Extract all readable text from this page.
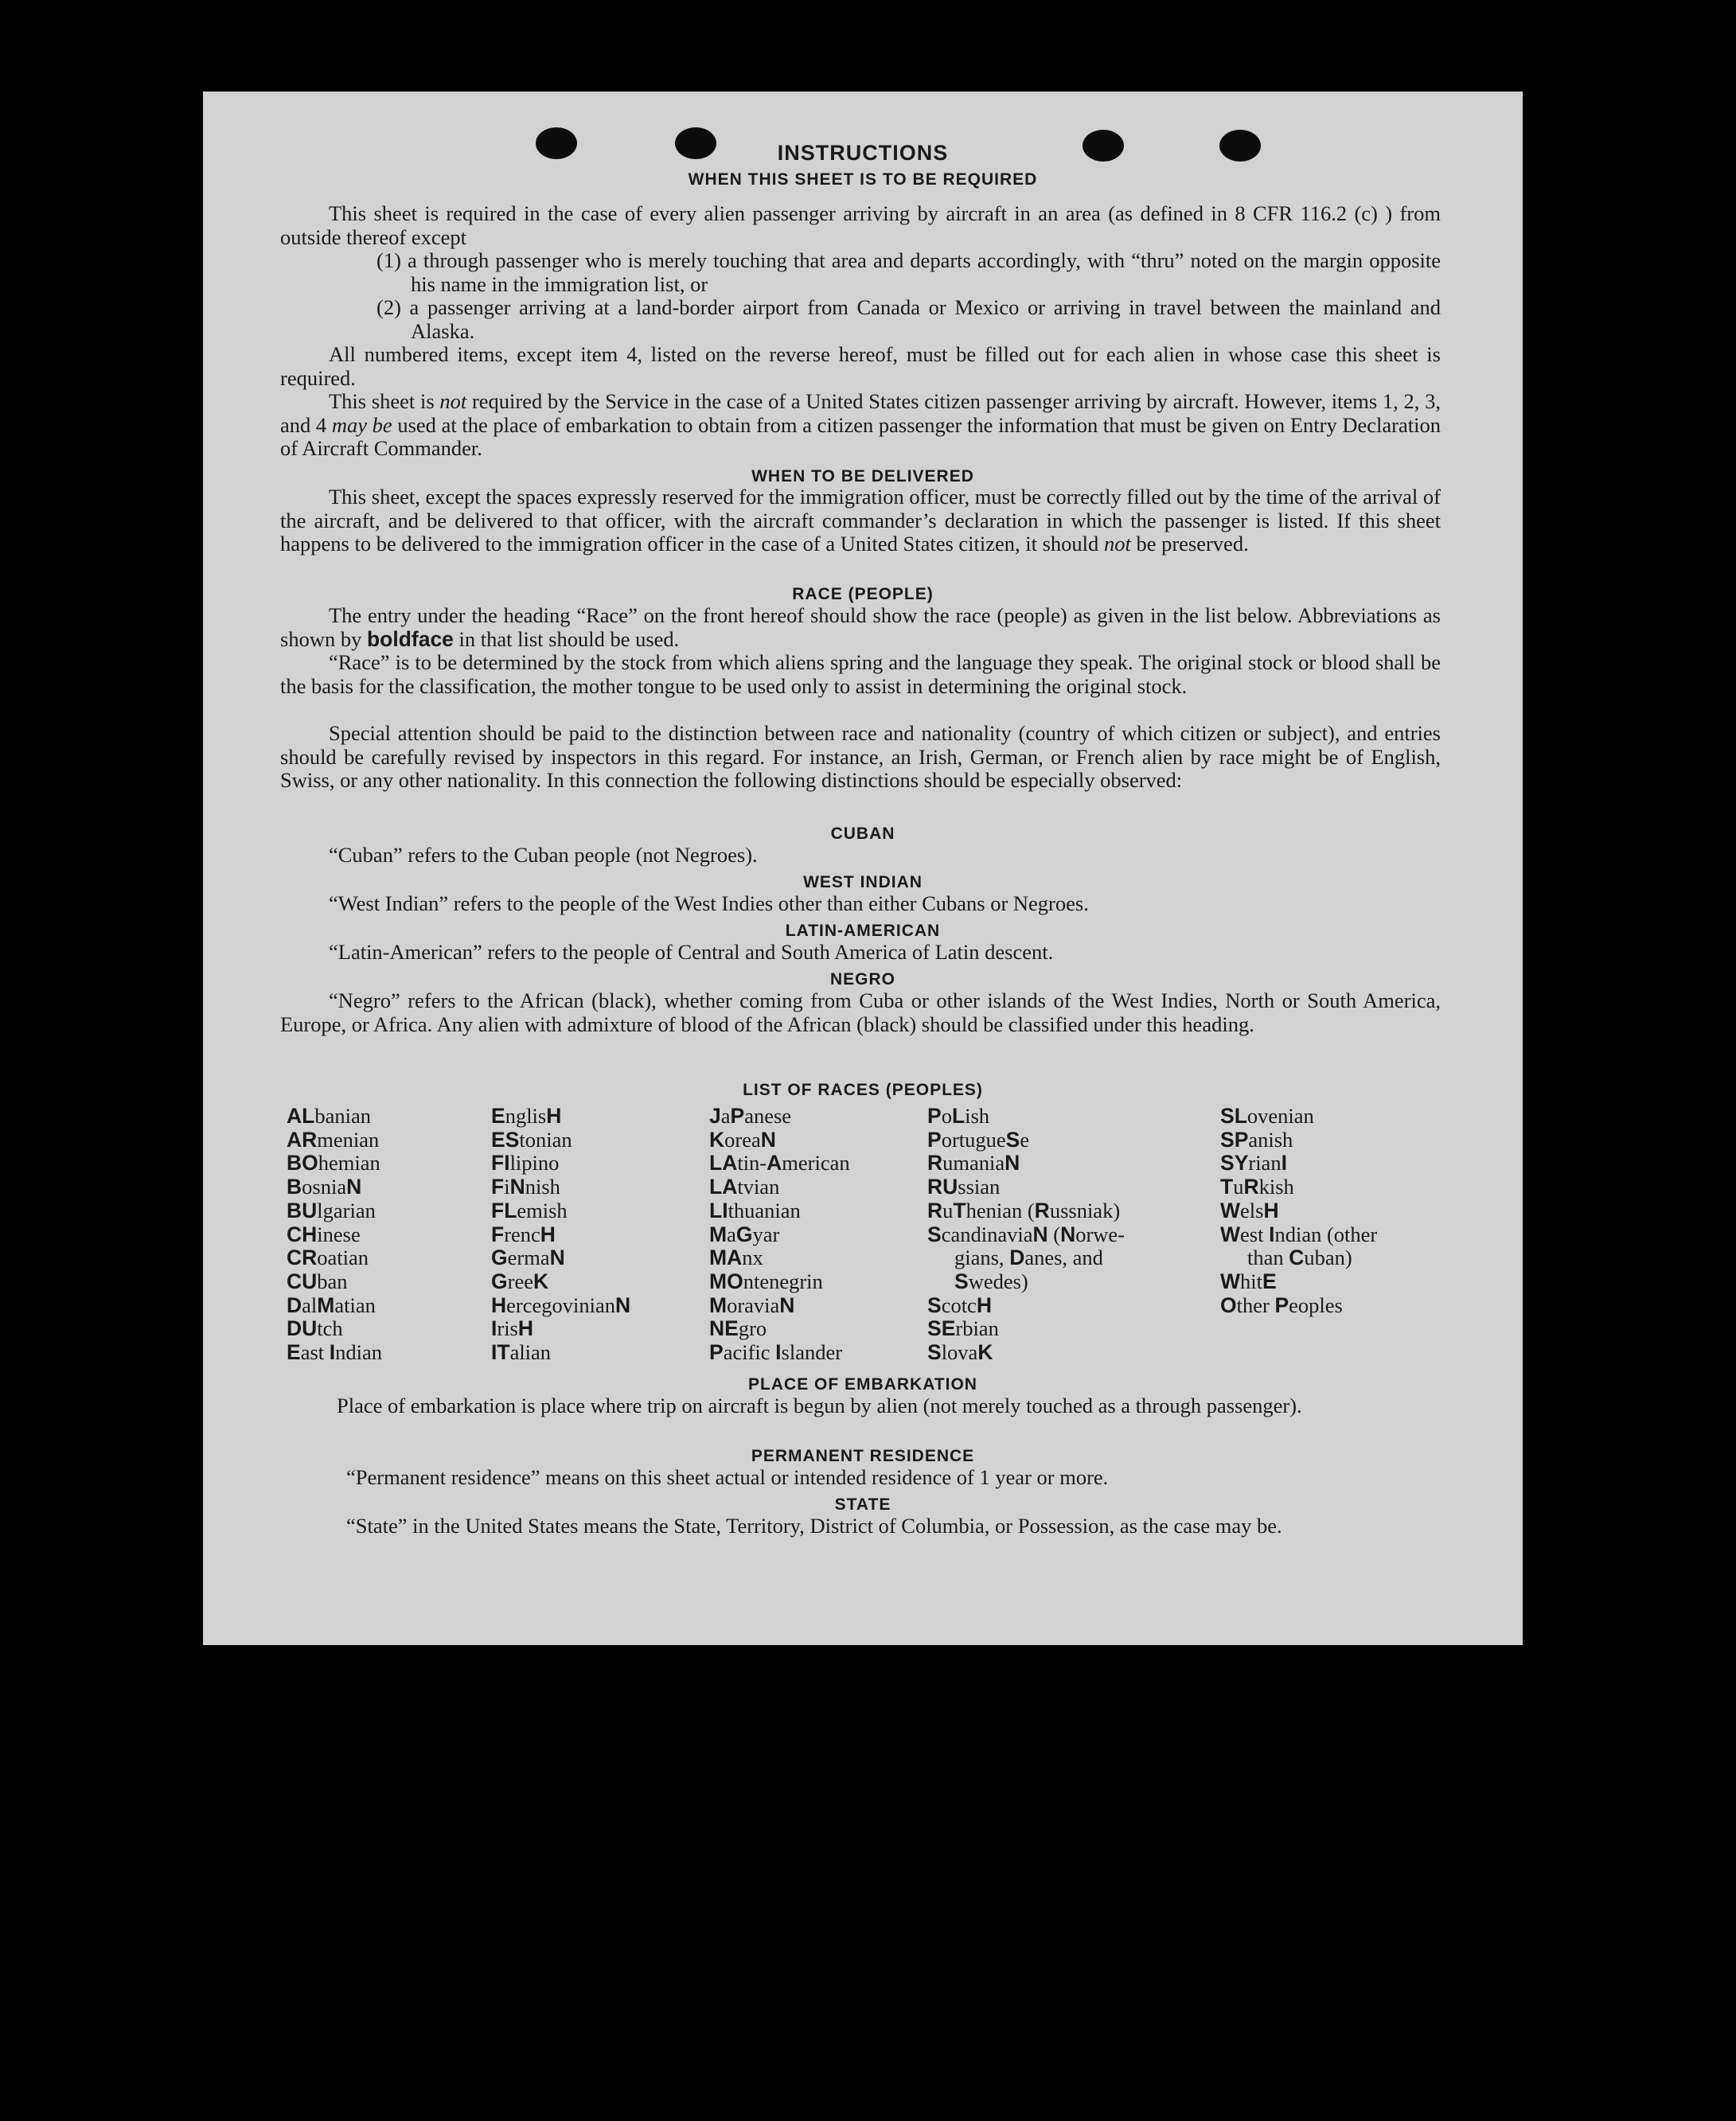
INSTRUCTIONS
WHEN THIS SHEET IS TO BE REQUIRED
This sheet is required in the case of every alien passenger arriving by aircraft in an area (as defined in 8 CFR 116.2 (c) ) from outside thereof except
(1) a through passenger who is merely touching that area and departs accordingly, with “thru” noted on the margin opposite his name in the immigration list, or
(2) a passenger arriving at a land-border airport from Canada or Mexico or arriving in travel between the mainland and Alaska.
All numbered items, except item 4, listed on the reverse hereof, must be filled out for each alien in whose case this sheet is required.
This sheet is not required by the Service in the case of a United States citizen passenger arriving by aircraft. However, items 1, 2, 3, and 4 may be used at the place of embarkation to obtain from a citizen passenger the information that must be given on Entry Declaration of Aircraft Commander.
WHEN TO BE DELIVERED
This sheet, except the spaces expressly reserved for the immigration officer, must be correctly filled out by the time of the arrival of the aircraft, and be delivered to that officer, with the aircraft commander’s declaration in which the passenger is listed. If this sheet happens to be delivered to the immigration officer in the case of a United States citizen, it should not be preserved.
RACE (PEOPLE)
The entry under the heading “Race” on the front hereof should show the race (people) as given in the list below. Abbreviations as shown by boldface in that list should be used.
“Race” is to be determined by the stock from which aliens spring and the language they speak. The original stock or blood shall be the basis for the classification, the mother tongue to be used only to assist in determining the original stock.
Special attention should be paid to the distinction between race and nationality (country of which citizen or subject), and entries should be carefully revised by inspectors in this regard. For instance, an Irish, German, or French alien by race might be of English, Swiss, or any other nationality. In this connection the following distinctions should be especially observed:
CUBAN
“Cuban” refers to the Cuban people (not Negroes).
WEST INDIAN
“West Indian” refers to the people of the West Indies other than either Cubans or Negroes.
LATIN-AMERICAN
“Latin-American” refers to the people of Central and South America of Latin descent.
NEGRO
“Negro” refers to the African (black), whether coming from Cuba or other islands of the West Indies, North or South America, Europe, or Africa. Any alien with admixture of blood of the African (black) should be classified under this heading.
LIST OF RACES (PEOPLES)
ALbanian
ARmenian
BOhemian
BosniaN
BUlgarian
CHinese
CRoatian
CUban
DalMatian
DUtch
East Indian
EnglisH
EStonian
FIlipino
FiNnish
FLemish
FrencH
GermaN
GreeK
HercegovinianN
IrisH
ITalian
JaPanese
KoreaN
LAtin-American
LAtvian
LIthuanian
MaGyar
MAnx
MOntenegrin
MoraviaN
NEgro
Pacific Islander
PoLish
PortugueSe
RumaniaN
RUssian
RuThenian (Russniak)
ScandinaviaN (Norwe-
gians, Danes, and
Swedes)
ScotcH
SErbian
SlovaK
SLovenian
SPanish
SYrianI
TuRkish
WelsH
West Indian (other
than Cuban)
WhitE
Other Peoples
PLACE OF EMBARKATION
Place of embarkation is place where trip on aircraft is begun by alien (not merely touched as a through passenger).
PERMANENT RESIDENCE
“Permanent residence” means on this sheet actual or intended residence of 1 year or more.
STATE
“State” in the United States means the State, Territory, District of Columbia, or Possession, as the case may be.
